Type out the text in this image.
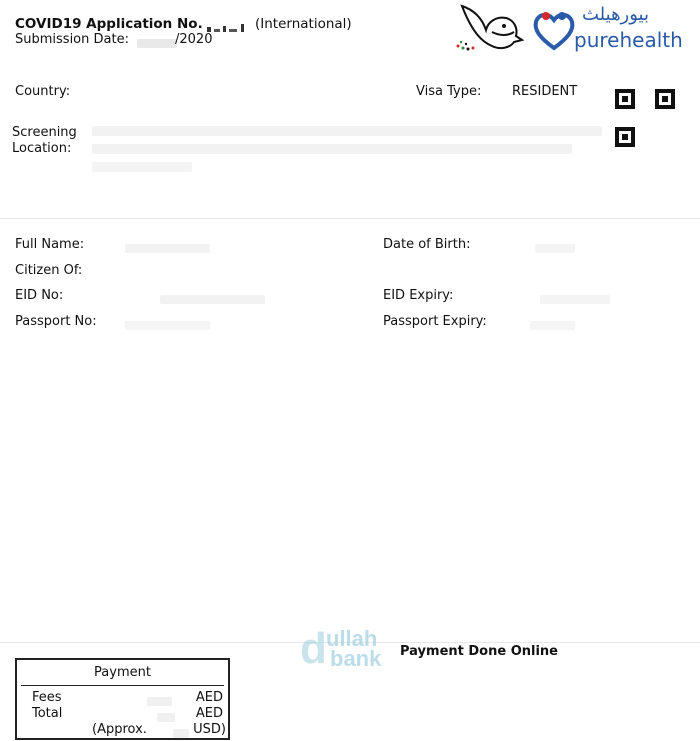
COVID19 Application No.	(International)
Submission Date:	/2020
بيورهيلث
purehealth
Country:	Visa Type: RESIDENT
Screening Location:
Full Name:	Date of Birth:
Citizen Of:
EID No:	EID Expiry:
Passport No:	Passport Expiry:
d ullah
bank Payment Done Online
Payment
Fees	AED
Total	AED
(Approx.	USD)
